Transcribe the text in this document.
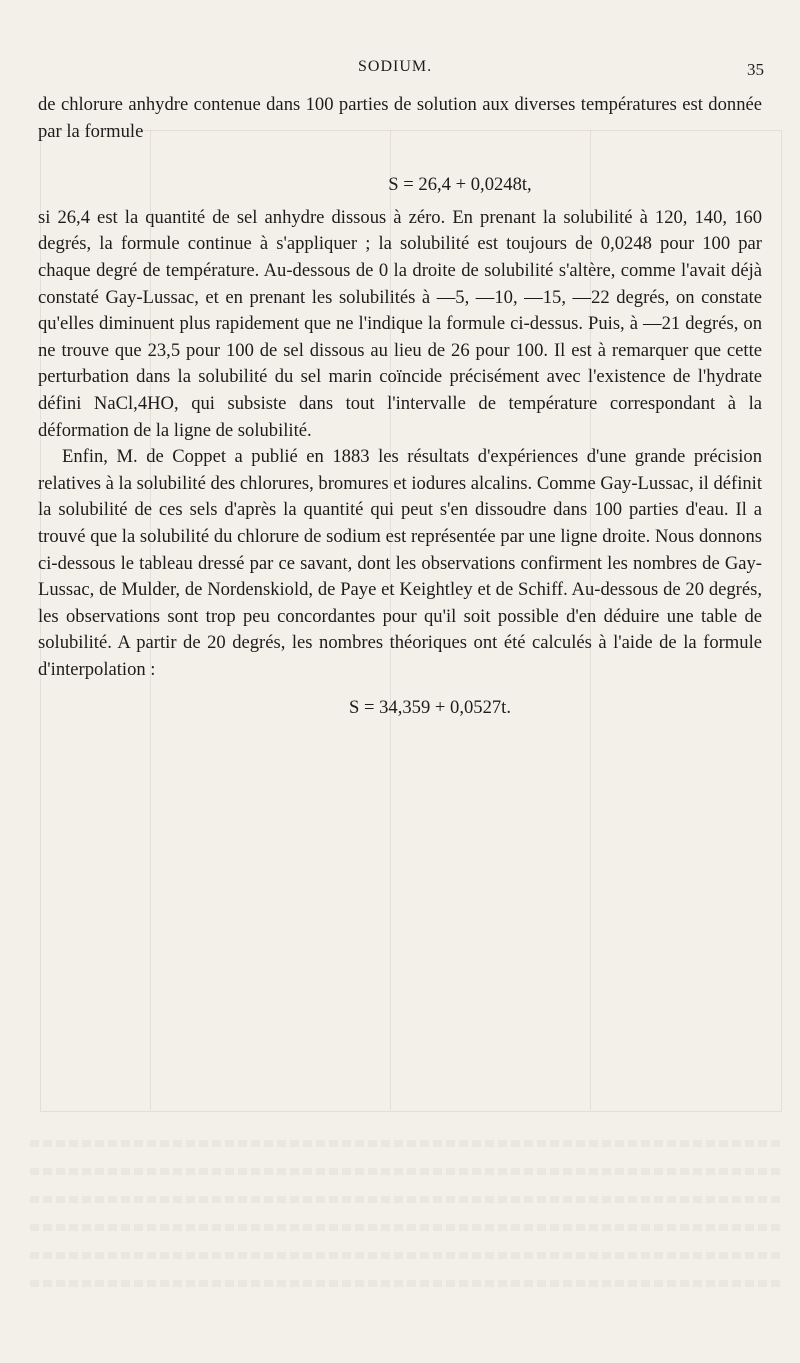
SODIUM.	35

de chlorure anhydre contenue dans 100 parties de solution aux diverses températures est donnée par la formule

S = 26,4 + 0,0248t,

si 26,4 est la quantité de sel anhydre dissous à zéro. En prenant la solubilité à 120, 140, 160 degrés, la formule continue à s'appliquer ; la solubilité est toujours de 0,0248 pour 100 par chaque degré de température. Au-dessous de 0 la droite de solubilité s'altère, comme l'avait déjà constaté Gay-Lussac, et en prenant les solubilités à —5, —10, —15, —22 degrés, on constate qu'elles diminuent plus rapidement que ne l'indique la formule ci-dessus. Puis, à —21 degrés, on ne trouve que 23,5 pour 100 de sel dissous au lieu de 26 pour 100. Il est à remarquer que cette perturbation dans la solubilité du sel marin coïncide précisément avec l'existence de l'hydrate défini NaCl,4HO, qui subsiste dans tout l'intervalle de température correspondant à la déformation de la ligne de solubilité.

Enfin, M. de Coppet a publié en 1883 les résultats d'expériences d'une grande précision relatives à la solubilité des chlorures, bromures et iodures alcalins. Comme Gay-Lussac, il définit la solubilité de ces sels d'après la quantité qui peut s'en dissoudre dans 100 parties d'eau. Il a trouvé que la solubilité du chlorure de sodium est représentée par une ligne droite. Nous donnons ci-dessous le tableau dressé par ce savant, dont les observations confirment les nombres de Gay-Lussac, de Mulder, de Nordenskiold, de Paye et Keightley et de Schiff. Au-dessous de 20 degrés, les observations sont trop peu concordantes pour qu'il soit possible d'en déduire une table de solubilité. A partir de 20 degrés, les nombres théoriques ont été calculés à l'aide de la formule d'interpolation :

S = 34,359 + 0,0527t.
